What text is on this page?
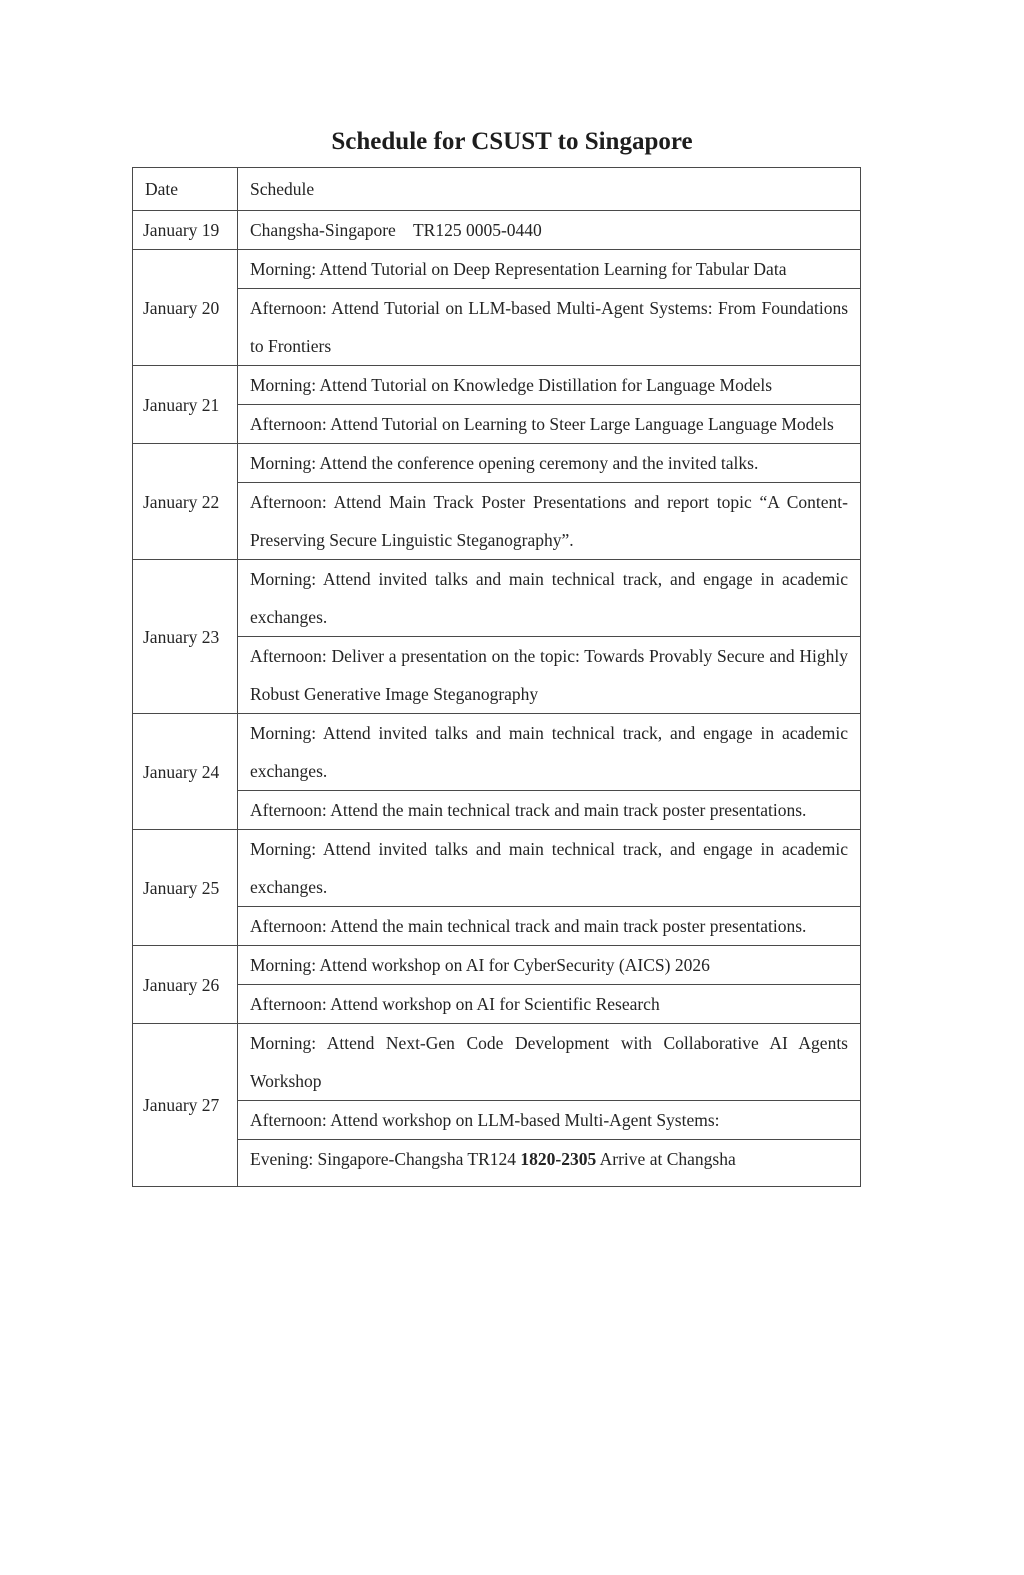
Schedule for CSUST to Singapore
Date	Schedule
January 19	Changsha-Singapore    TR125 0005-0440
January 20	Morning: Attend Tutorial on Deep Representation Learning for Tabular Data
	Afternoon: Attend Tutorial on LLM-based Multi-Agent Systems: From Foundations to Frontiers
January 21	Morning: Attend Tutorial on Knowledge Distillation for Language Models
	Afternoon: Attend Tutorial on Learning to Steer Large Language Language Models
January 22	Morning: Attend the conference opening ceremony and the invited talks.
	Afternoon: Attend Main Track Poster Presentations and report topic “A Content-Preserving Secure Linguistic Steganography”.
January 23	Morning: Attend invited talks and main technical track, and engage in academic exchanges.
	Afternoon: Deliver a presentation on the topic: Towards Provably Secure and Highly Robust Generative Image Steganography
January 24	Morning: Attend invited talks and main technical track, and engage in academic exchanges.
	Afternoon: Attend the main technical track and main track poster presentations.
January 25	Morning: Attend invited talks and main technical track, and engage in academic exchanges.
	Afternoon: Attend the main technical track and main track poster presentations.
January 26	Morning: Attend workshop on AI for CyberSecurity (AICS) 2026
	Afternoon: Attend workshop on AI for Scientific Research
January 27	Morning: Attend Next-Gen Code Development with Collaborative AI Agents Workshop
	Afternoon: Attend workshop on LLM-based Multi-Agent Systems:
	Evening: Singapore-Changsha TR124 1820-2305 Arrive at Changsha
